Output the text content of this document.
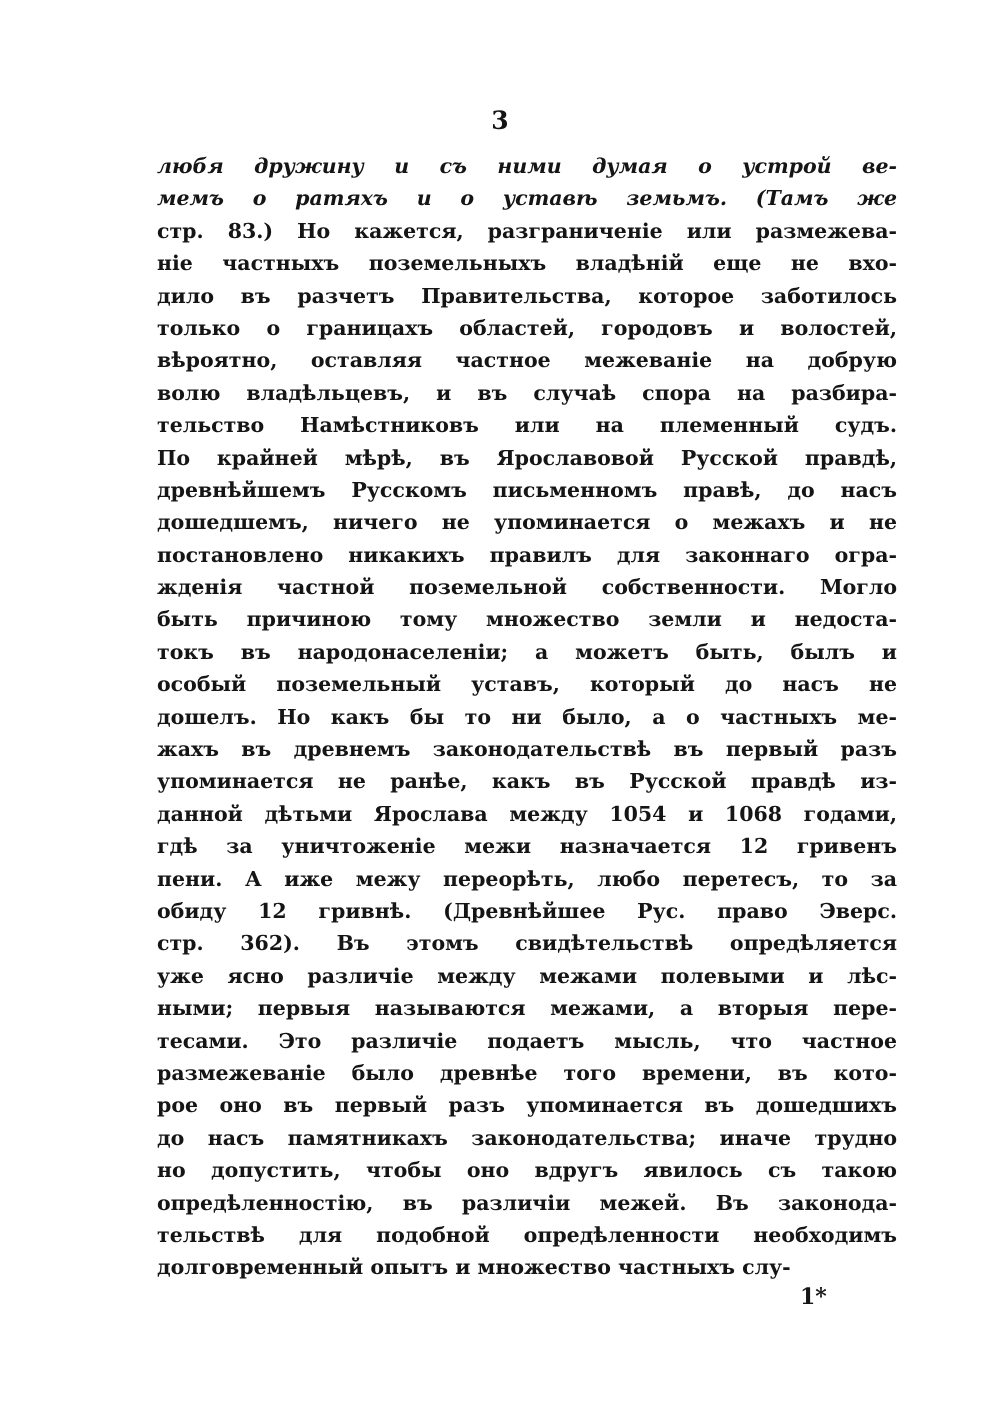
3
любя дружину и съ ними думая о устрой ве-
мемъ о ратяхъ и о уставѣ земьмъ. (Тамъ же
стр. 83.) Но кажется, разграниченіе или размежева-
ніе частныхъ поземельныхъ владѣній еще не вхо-
дило въ разчетъ Правительства, которое заботилось
только о границахъ областей, городовъ и волостей,
вѣроятно, оставляя частное межеваніе на добрую
волю владѣльцевъ, и въ случаѣ спора на разбира-
тельство Намѣстниковъ или на племенный судъ.
По крайней мѣрѣ, въ Ярославовой Русской правдѣ,
древнѣйшемъ Русскомъ письменномъ правѣ, до насъ
дошедшемъ, ничего не упоминается о межахъ и не
постановлено никакихъ правилъ для законнаго огра-
жденія частной поземельной собственности. Могло
быть причиною тому множество земли и недоста-
токъ въ народонаселеніи; а можетъ быть, былъ и
особый поземельный уставъ, который до насъ не
дошелъ. Но какъ бы то ни было, а о частныхъ ме-
жахъ въ древнемъ законодательствѣ въ первый разъ
упоминается не ранѣе, какъ въ Русской правдѣ из-
данной дѣтьми Ярослава между 1054 и 1068 годами,
гдѣ за уничтоженіе межи назначается 12 гривенъ
пени. А иже межу переорѣть, любо перетесъ, то за
обиду 12 гривнѣ. (Древнѣйшее Рус. право Эверс.
стр. 362). Въ этомъ свидѣтельствѣ опредѣляется
уже ясно различіе между межами полевыми и лѣс-
ными; первыя называются межами, а вторыя пере-
тесами. Это различіе подаетъ мысль, что частное
размежеваніе было древнѣе того времени, въ кото-
рое оно въ первый разъ упоминается въ дошедшихъ
до насъ памятникахъ законодательства; иначе трудно
но допустить, чтобы оно вдругъ явилось съ такою
опредѣленностію, въ различіи межей. Въ законода-
тельствѣ для подобной опредѣленности необходимъ
долговременный опытъ и множество частныхъ слу-
1*
